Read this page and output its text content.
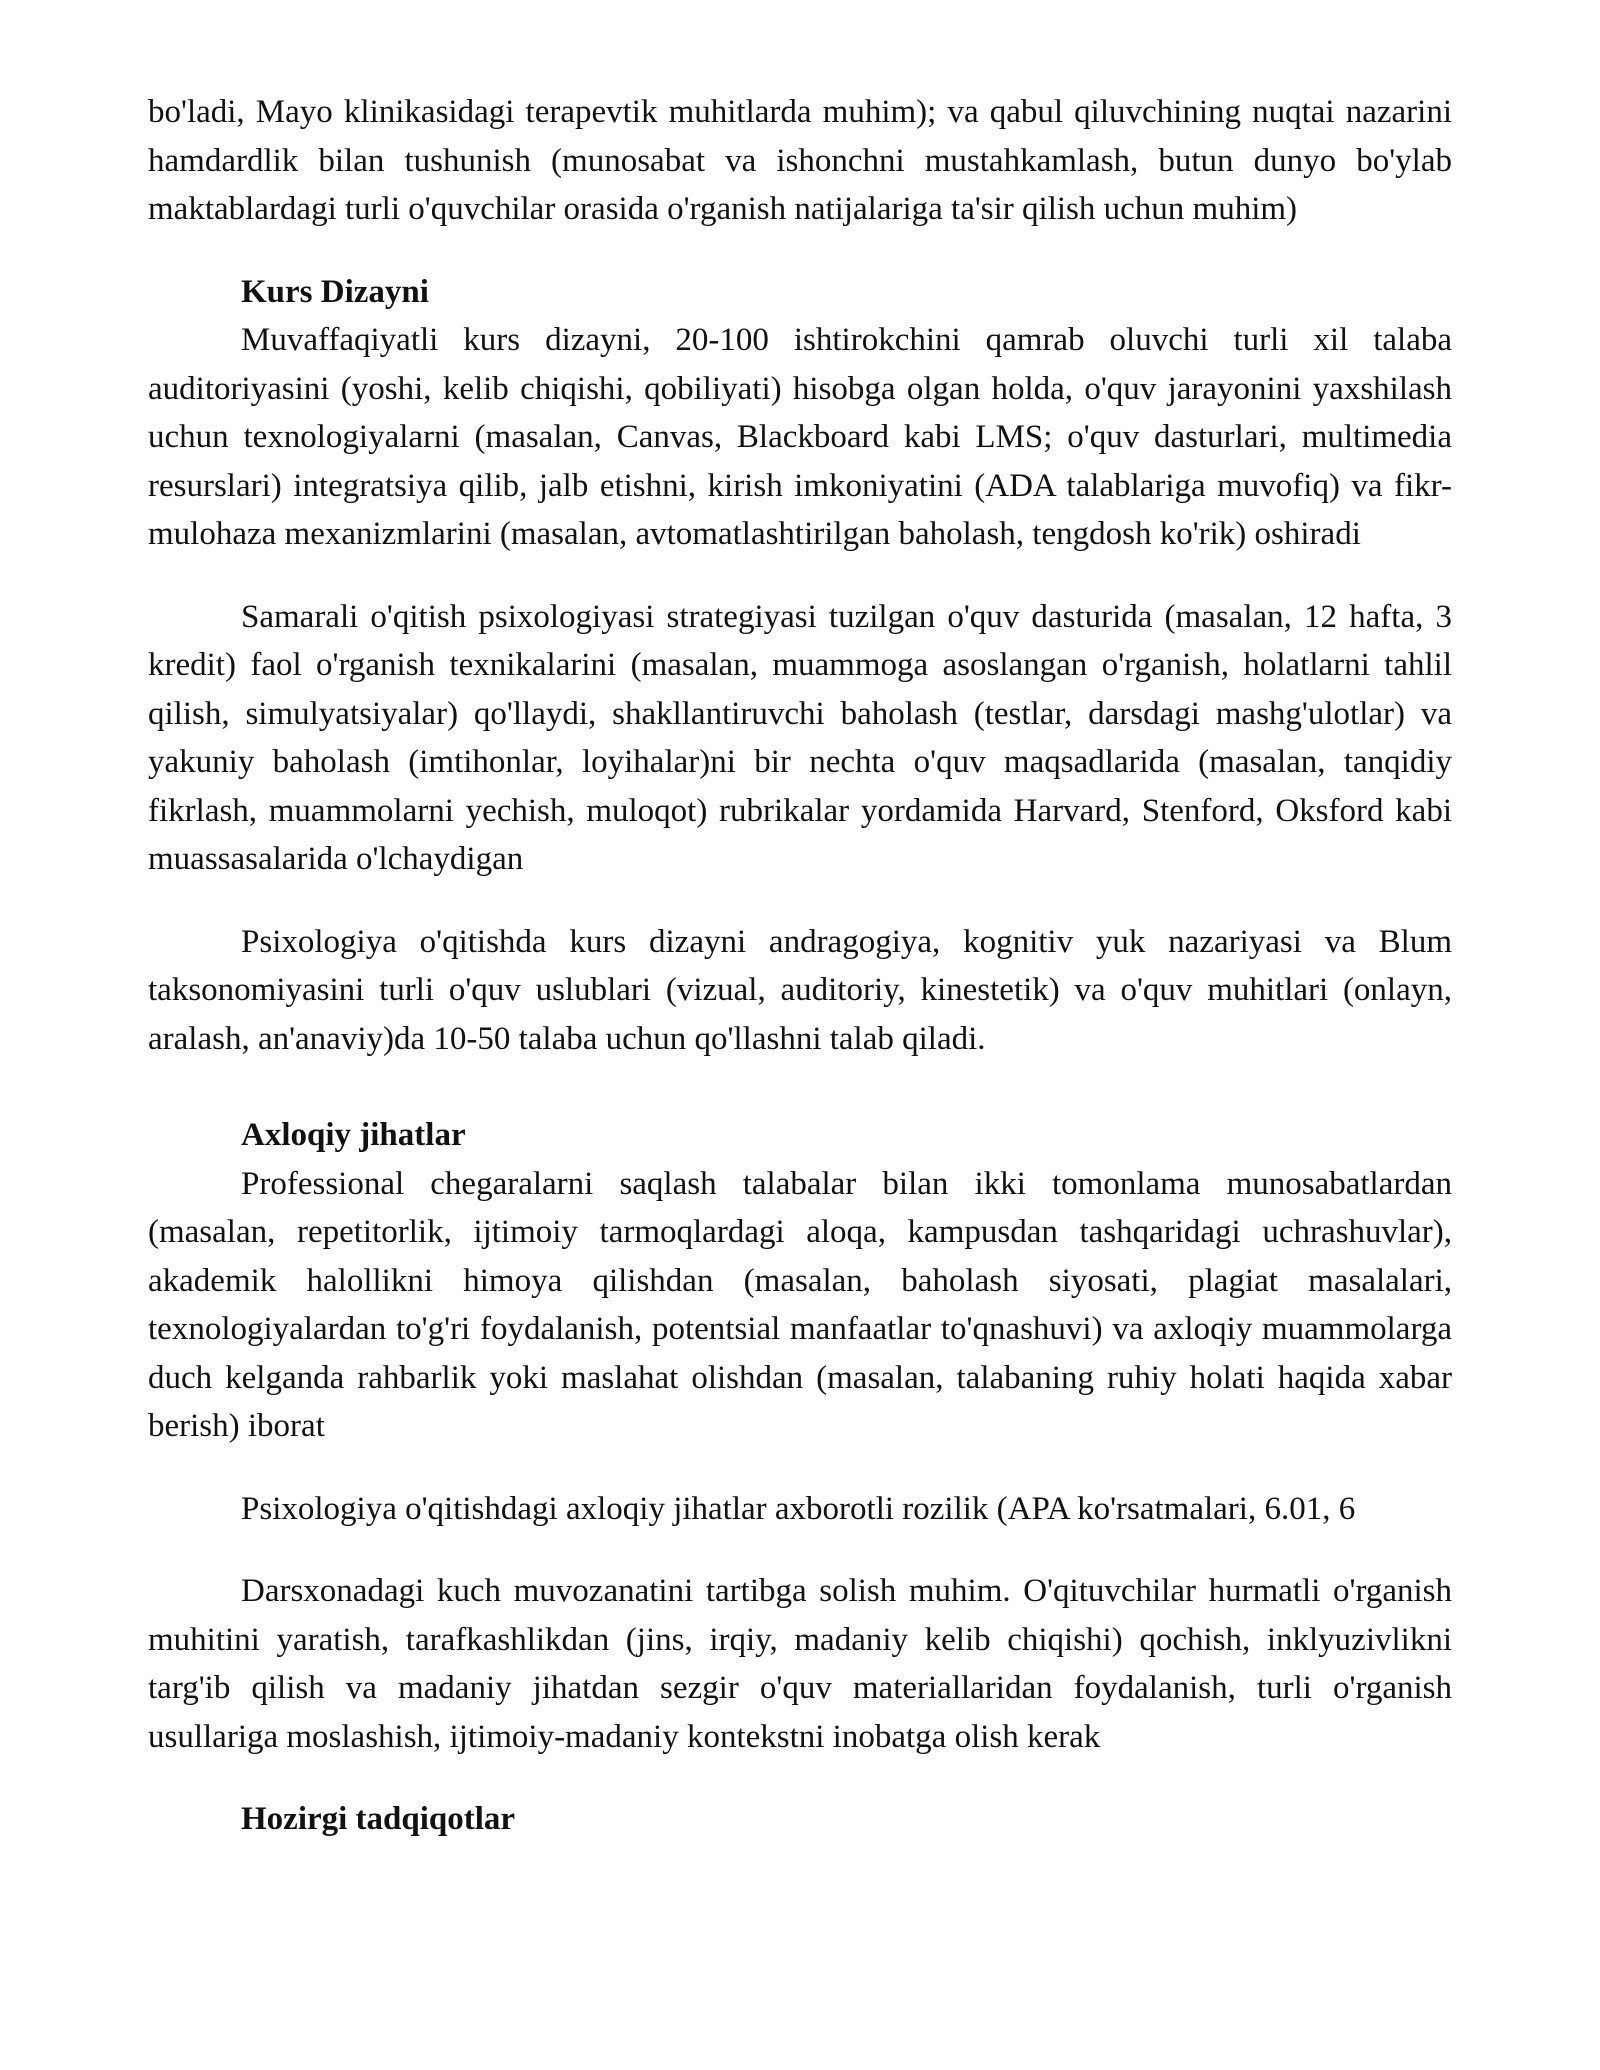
bo'ladi, Mayo klinikasidagi terapevtik muhitlarda muhim); va qabul qiluvchining nuqtai nazarini hamdardlik bilan tushunish (munosabat va ishonchni mustahkamlash, butun dunyo bo'ylab maktablardagi turli o'quvchilar orasida o'rganish natijalariga ta'sir qilish uchun muhim)

Kurs Dizayni

Muvaffaqiyatli kurs dizayni, 20-100 ishtirokchini qamrab oluvchi turli xil talaba auditoriyasini (yoshi, kelib chiqishi, qobiliyati) hisobga olgan holda, o'quv jarayonini yaxshilash uchun texnologiyalarni (masalan, Canvas, Blackboard kabi LMS; o'quv dasturlari, multimedia resurslari) integratsiya qilib, jalb etishni, kirish imkoniyatini (ADA talablariga muvofiq) va fikr-mulohaza mexanizmlarini (masalan, avtomatlashtirilgan baholash, tengdosh ko'rik) oshiradi

Samarali o'qitish psixologiyasi strategiyasi tuzilgan o'quv dasturida (masalan, 12 hafta, 3 kredit) faol o'rganish texnikalarini (masalan, muammoga asoslangan o'rganish, holatlarni tahlil qilish, simulyatsiyalar) qo'llaydi, shakllantiruvchi baholash (testlar, darsdagi mashg'ulotlar) va yakuniy baholash (imtihonlar, loyihalar)ni bir nechta o'quv maqsadlarida (masalan, tanqidiy fikrlash, muammolarni yechish, muloqot) rubrikalar yordamida Harvard, Stenford, Oksford kabi muassasalarida o'lchaydigan

Psixologiya o'qitishda kurs dizayni andragogiya, kognitiv yuk nazariyasi va Blum taksonomiyasini turli o'quv uslublari (vizual, auditoriy, kinestetik) va o'quv muhitlari (onlayn, aralash, an'anaviy)da 10-50 talaba uchun qo'llashni talab qiladi.

Axloqiy jihatlar

Professional chegaralarni saqlash talabalar bilan ikki tomonlama munosabatlardan (masalan, repetitorlik, ijtimoiy tarmoqlardagi aloqa, kampusdan tashqaridagi uchrashuvlar), akademik halollikni himoya qilishdan (masalan, baholash siyosati, plagiat masalalari, texnologiyalardan to'g'ri foydalanish, potentsial manfaatlar to'qnashuvi) va axloqiy muammolarga duch kelganda rahbarlik yoki maslahat olishdan (masalan, talabaning ruhiy holati haqida xabar berish) iborat

Psixologiya o'qitishdagi axloqiy jihatlar axborotli rozilik (APA ko'rsatmalari, 6.01, 6

Darsxonadagi kuch muvozanatini tartibga solish muhim. O'qituvchilar hurmatli o'rganish muhitini yaratish, tarafkashlikdan (jins, irqiy, madaniy kelib chiqishi) qochish, inklyuzivlikni targ'ib qilish va madaniy jihatdan sezgir o'quv materiallaridan foydalanish, turli o'rganish usullariga moslashish, ijtimoiy-madaniy kontekstni inobatga olish kerak

Hozirgi tadqiqotlar
